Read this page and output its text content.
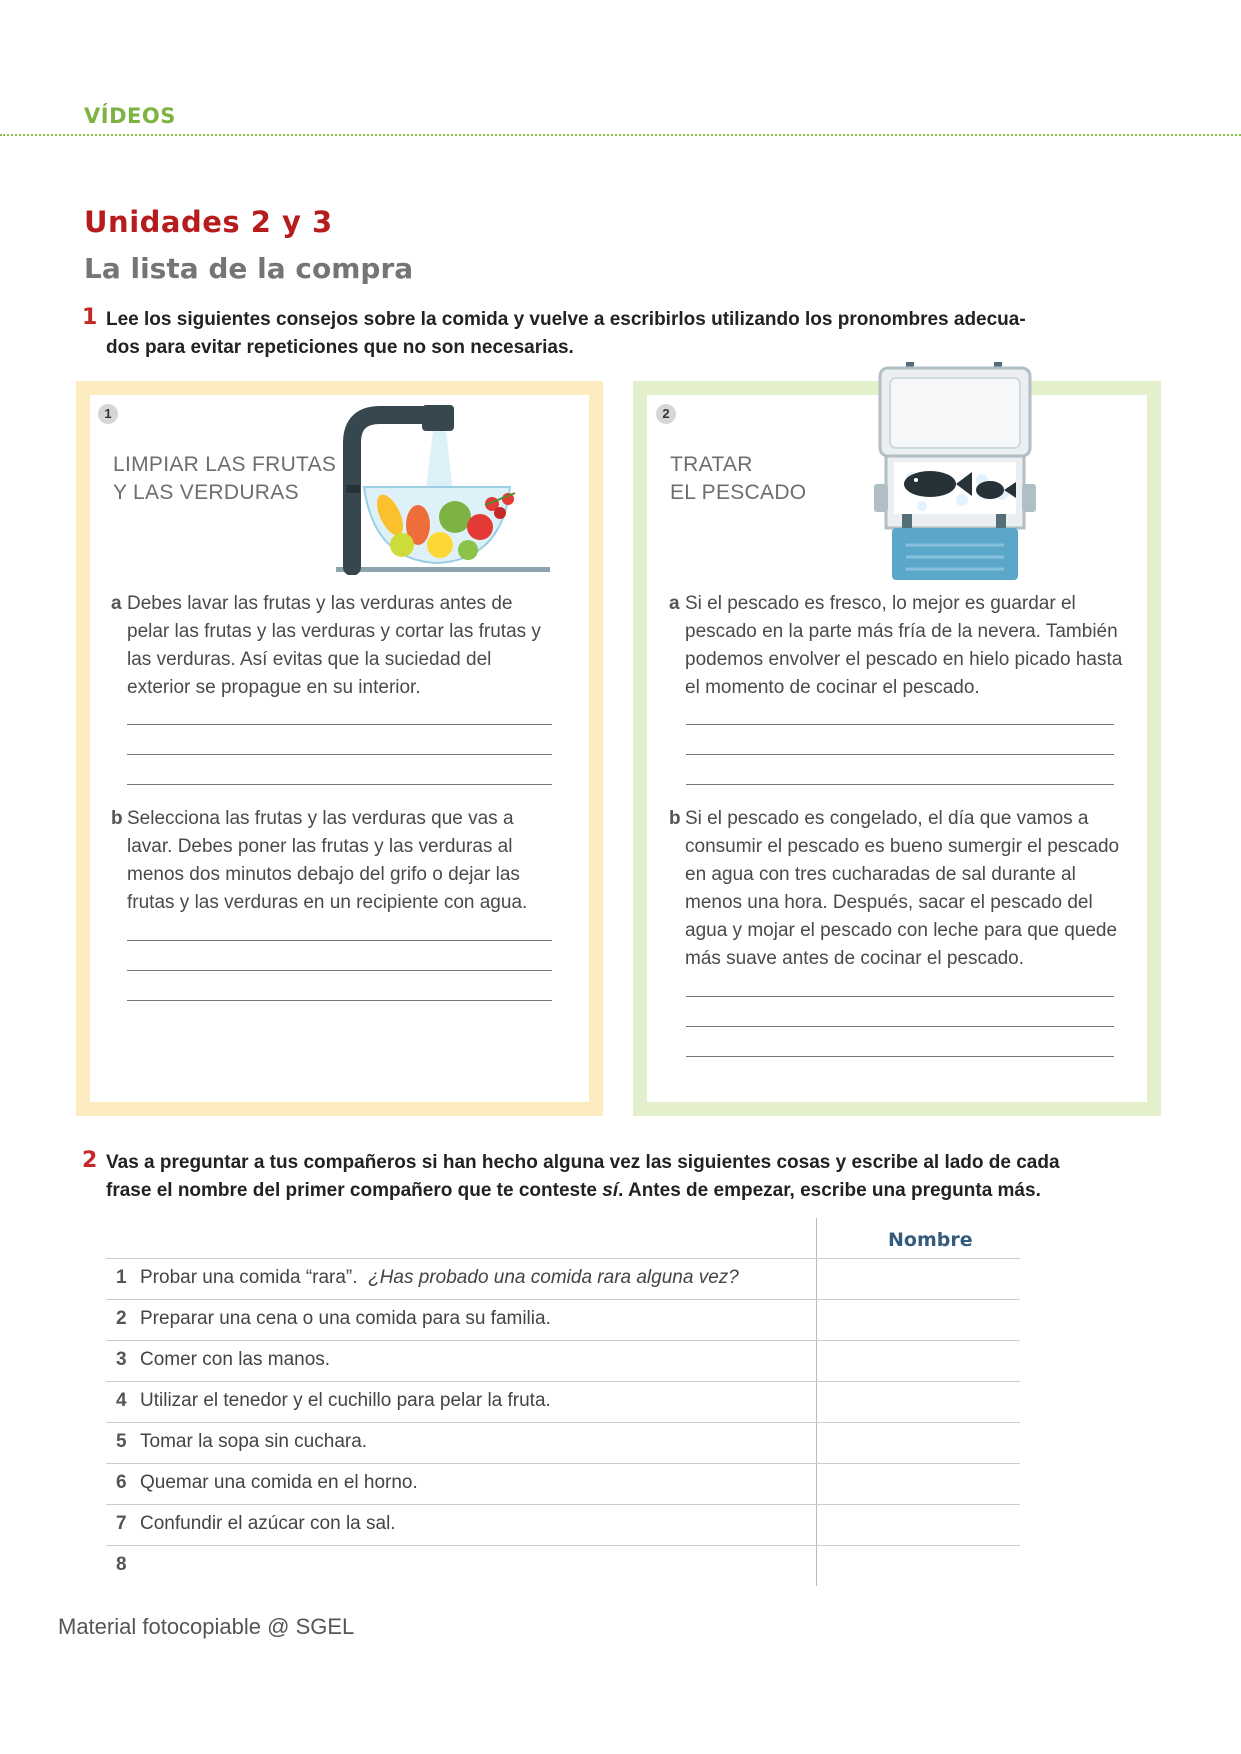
VÍDEOS
Unidades 2 y 3
La lista de la compra
1 Lee los siguientes consejos sobre la comida y vuelve a escribirlos utilizando los pronombres adecua-
dos para evitar repeticiones que no son necesarias.
1
LIMPIAR LAS FRUTAS
Y LAS VERDURAS
a Debes lavar las frutas y las verduras antes de pelar las frutas y las verduras y cortar las frutas y las verduras. Así evitas que la suciedad del exterior se propague en su interior.
b Selecciona las frutas y las verduras que vas a lavar. Debes poner las frutas y las verduras al menos dos minutos debajo del grifo o dejar las frutas y las verduras en un recipiente con agua.
2
TRATAR
EL PESCADO
a Si el pescado es fresco, lo mejor es guardar el pescado en la parte más fría de la nevera. También podemos envolver el pescado en hielo picado hasta el momento de cocinar el pescado.
b Si el pescado es congelado, el día que vamos a consumir el pescado es bueno sumergir el pescado en agua con tres cucharadas de sal durante al menos una hora. Después, sacar el pescado del agua y mojar el pescado con leche para que quede más suave antes de cocinar el pescado.
2 Vas a preguntar a tus compañeros si han hecho alguna vez las siguientes cosas y escribe al lado de cada
frase el nombre del primer compañero que te conteste sí. Antes de empezar, escribe una pregunta más.
Nombre
1 Probar una comida “rara”. ¿Has probado una comida rara alguna vez?
2 Preparar una cena o una comida para su familia.
3 Comer con las manos.
4 Utilizar el tenedor y el cuchillo para pelar la fruta.
5 Tomar la sopa sin cuchara.
6 Quemar una comida en el horno.
7 Confundir el azúcar con la sal.
8
Material fotocopiable @ SGEL
